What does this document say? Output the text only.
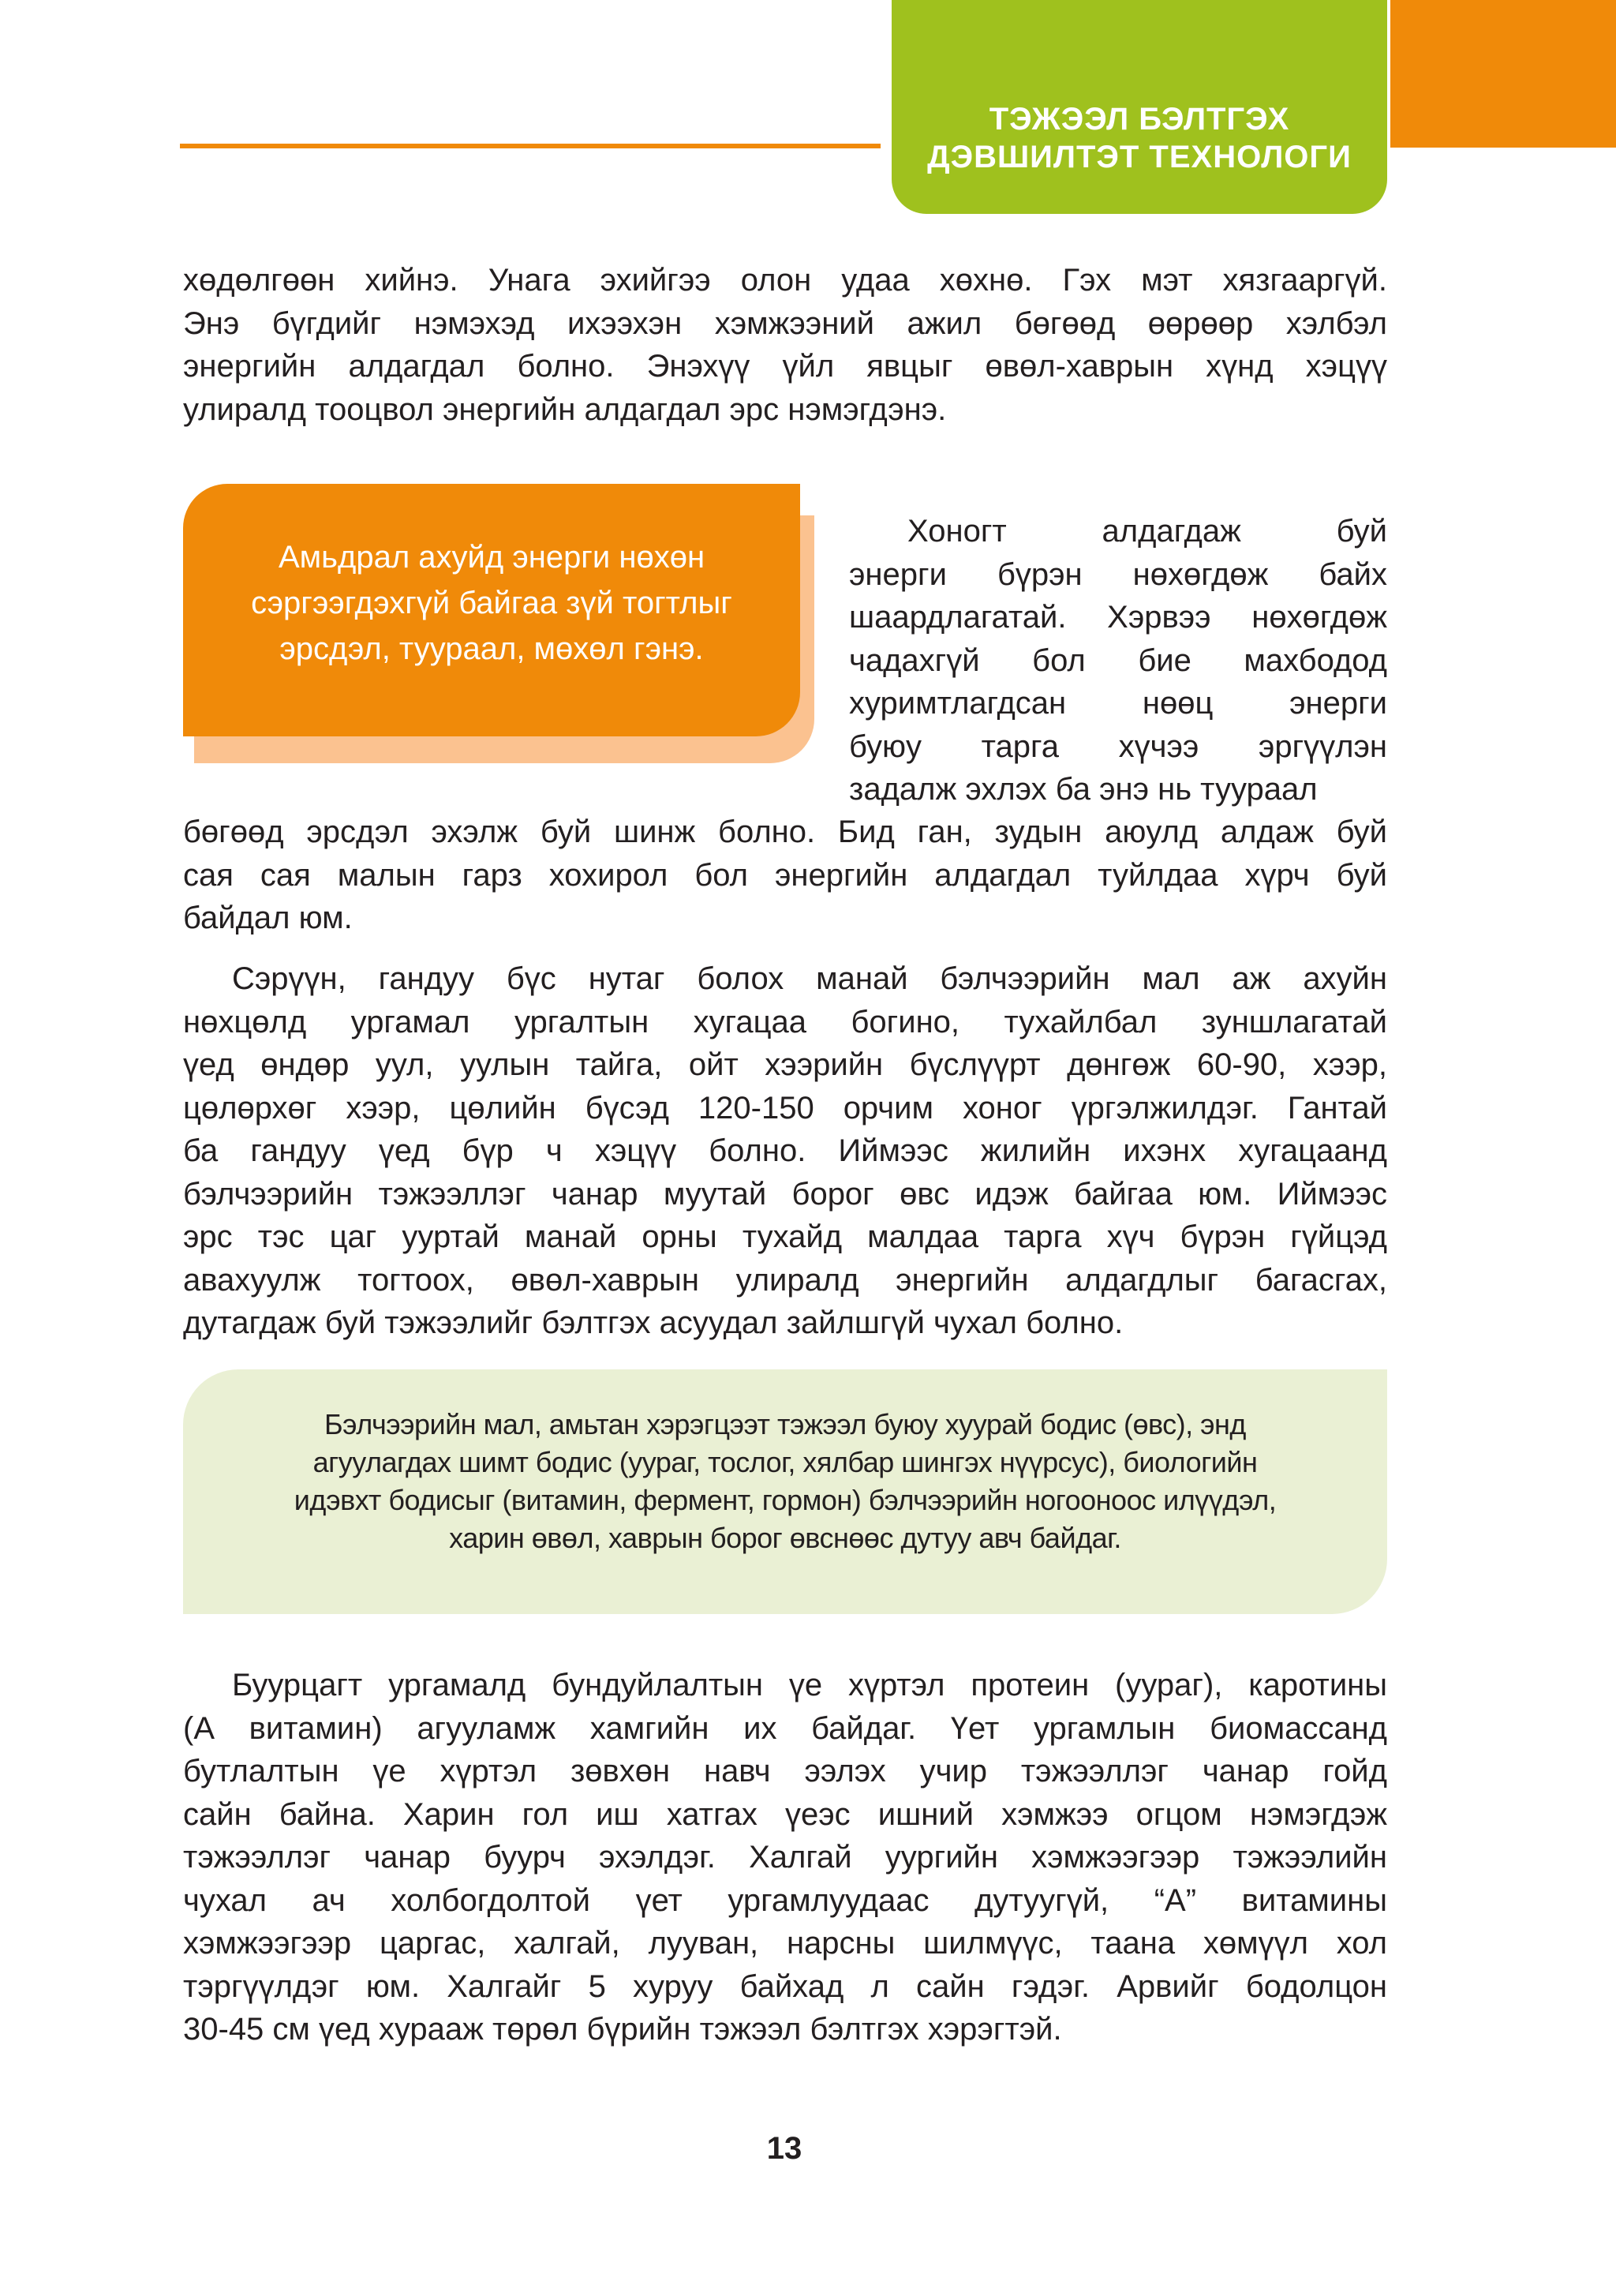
ТЭЖЭЭЛ БЭЛТГЭХ
ДЭВШИЛТЭТ ТЕХНОЛОГИ

хөдөлгөөн хийнэ. Унага эхийгээ олон удаа хөхнө. Гэх мэт хязгааргүй.
Энэ бүгдийг нэмэхэд ихээхэн хэмжээний ажил бөгөөд өөрөөр хэлбэл
энергийн алдагдал болно. Энэхүү үйл явцыг өвөл-хаврын хүнд хэцүү
улиралд тооцвол энергийн алдагдал эрс нэмэгдэнэ.

Амьдрал ахуйд энерги нөхөн
сэргээгдэхгүй байгаа зүй тогтлыг
эрсдэл, туураал, мөхөл гэнэ.

Хоногт алдагдаж буй
энерги бүрэн нөхөгдөж байх
шаардлагатай. Хэрвээ нөхөгдөж
чадахгүй бол бие махбодод
хуримтлагдсан нөөц энерги
буюу тарга хүчээ эргүүлэн
задалж эхлэх ба энэ нь туураал

бөгөөд эрсдэл эхэлж буй шинж болно. Бид ган, зудын аюулд алдаж буй
сая сая малын гарз хохирол бол энергийн алдагдал туйлдаа хүрч буй
байдал юм.

Сэрүүн, гандуу бүс нутаг болох манай бэлчээрийн мал аж ахуйн
нөхцөлд ургамал ургалтын хугацаа богино, тухайлбал зуншлагатай
үед өндөр уул, уулын тайга, ойт хээрийн бүслүүрт дөнгөж 60-90, хээр,
цөлөрхөг хээр, цөлийн бүсэд 120-150 орчим хоног үргэлжилдэг. Гантай
ба гандуу үед бүр ч хэцүү болно. Иймээс жилийн ихэнх хугацаанд
бэлчээрийн тэжээллэг чанар муутай борог өвс идэж байгаа юм. Иймээс
эрс тэс цаг ууртай манай орны тухайд малдаа тарга хүч бүрэн гүйцэд
авахуулж тогтоох, өвөл-хаврын улиралд энергийн алдагдлыг багасгах,
дутагдаж буй тэжээлийг бэлтгэх асуудал зайлшгүй чухал болно.

Бэлчээрийн мал, амьтан хэрэгцээт тэжээл буюу хуурай бодис (өвс), энд
агуулагдах шимт бодис (уураг, тослог, хялбар шингэх нүүрсус), биологийн
идэвхт бодисыг (витамин, фермент, гормон) бэлчээрийн ногооноос илүүдэл,
харин өвөл, хаврын борог өвснөөс дутуу авч байдаг.

Буурцагт ургамалд бундуйлалтын үе хүртэл протеин (уураг), каротины
(А витамин) агууламж хамгийн их байдаг. Үет ургамлын биомассанд
бутлалтын үе хүртэл зөвхөн навч ээлэх учир тэжээллэг чанар гойд
сайн байна. Харин гол иш хатгах үеэс ишний хэмжээ огцом нэмэгдэж
тэжээллэг чанар буурч эхэлдэг. Халгай уургийн хэмжээгээр тэжээлийн
чухал ач холбогдолтой үет ургамлуудаас дутуугүй, “А” витамины
хэмжээгээр царгас, халгай, лууван, нарсны шилмүүс, таана хөмүүл хол
тэргүүлдэг юм. Халгайг 5 хуруу байхад л сайн гэдэг. Арвийг бодолцон
30-45 см үед хурааж төрөл бүрийн тэжээл бэлтгэх хэрэгтэй.

13
